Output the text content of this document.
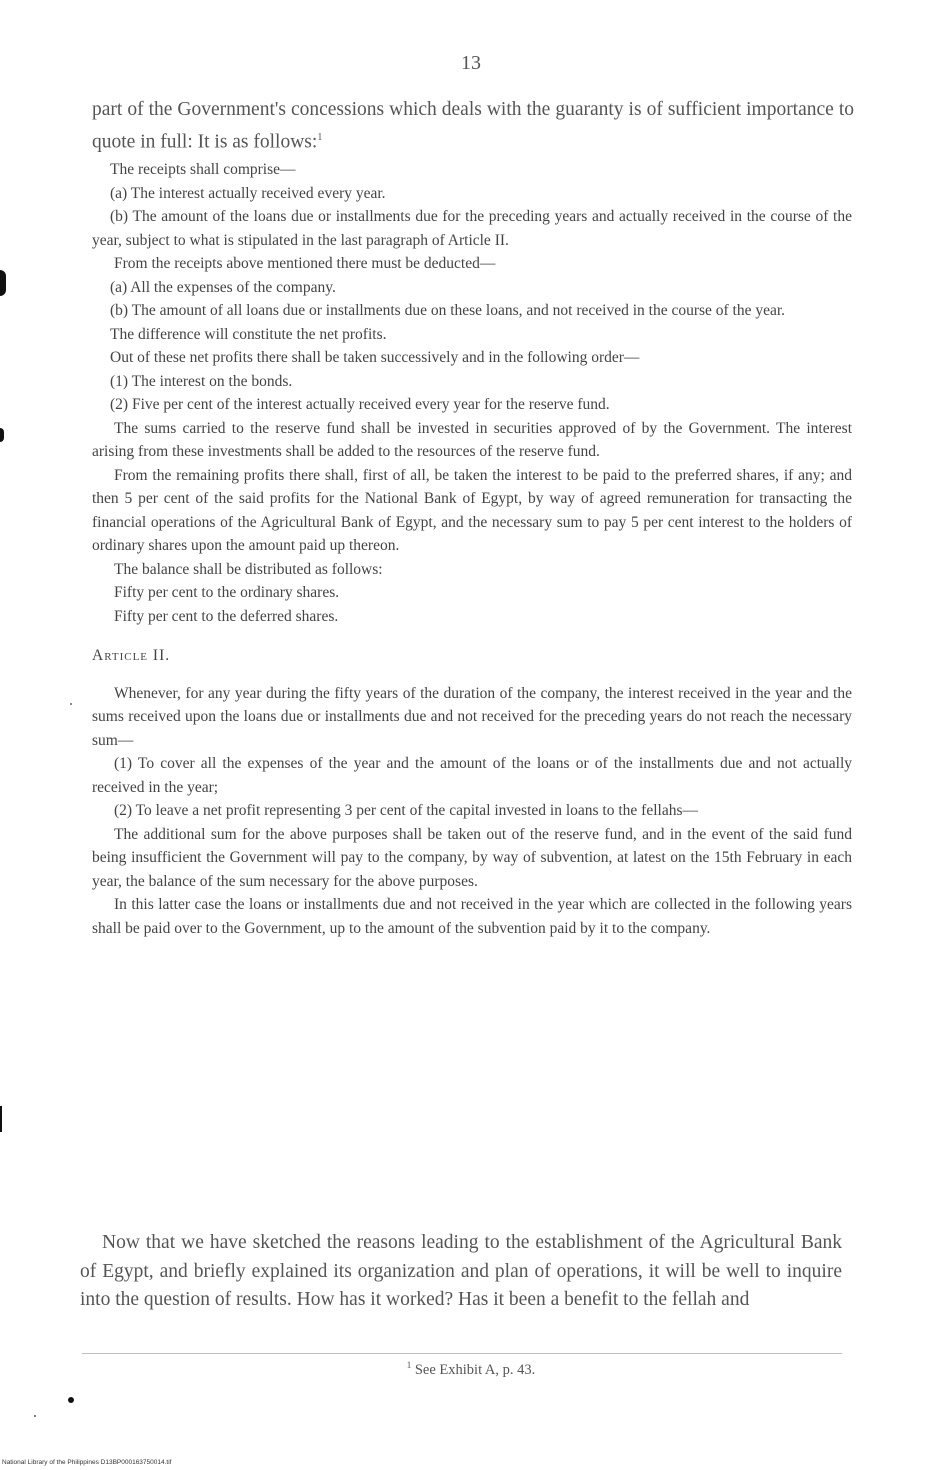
13
part of the Government's concessions which deals with the guaranty is of sufficient importance to quote in full: It is as follows:$^1$

The receipts shall comprise—

(a) The interest actually received every year.

(b) The amount of the loans due or installments due for the preceding years and actually received in the course of the year, subject to what is stipulated in the last paragraph of Article II.

From the receipts above mentioned there must be deducted—

(a) All the expenses of the company.

(b) The amount of all loans due or installments due on these loans, and not received in the course of the year.

The difference will constitute the net profits.

Out of these net profits there shall be taken successively and in the following order—

(1) The interest on the bonds.

(2) Five per cent of the interest actually received every year for the reserve fund.

The sums carried to the reserve fund shall be invested in securities approved of by the Government. The interest arising from these investments shall be added to the resources of the reserve fund.

From the remaining profits there shall, first of all, be taken the interest to be paid to the preferred shares, if any; and then 5 per cent of the said profits for the National Bank of Egypt, by way of agreed remuneration for transacting the financial operations of the Agricultural Bank of Egypt, and the necessary sum to pay 5 per cent interest to the holders of ordinary shares upon the amount paid up thereon.

The balance shall be distributed as follows:

Fifty per cent to the ordinary shares.

Fifty per cent to the deferred shares.

Article II.

Whenever, for any year during the fifty years of the duration of the company, the interest received in the year and the sums received upon the loans due or installments due and not received for the preceding years do not reach the necessary sum—

(1) To cover all the expenses of the year and the amount of the loans or of the installments due and not actually received in the year;

(2) To leave a net profit representing 3 per cent of the capital invested in loans to the fellahs—

The additional sum for the above purposes shall be taken out of the reserve fund, and in the event of the said fund being insufficient the Government will pay to the company, by way of subvention, at latest on the 15th February in each year, the balance of the sum necessary for the above purposes.

In this latter case the loans or installments due and not received in the year which are collected in the following years shall be paid over to the Government, up to the amount of the subvention paid by it to the company.

Now that we have sketched the reasons leading to the establishment of the Agricultural Bank of Egypt, and briefly explained its organization and plan of operations, it will be well to inquire into the question of results. How has it worked? Has it been a benefit to the fellah and

$^1$ See Exhibit A, p. 43.
National Library of the Philippines D13BP000163750014.tif
